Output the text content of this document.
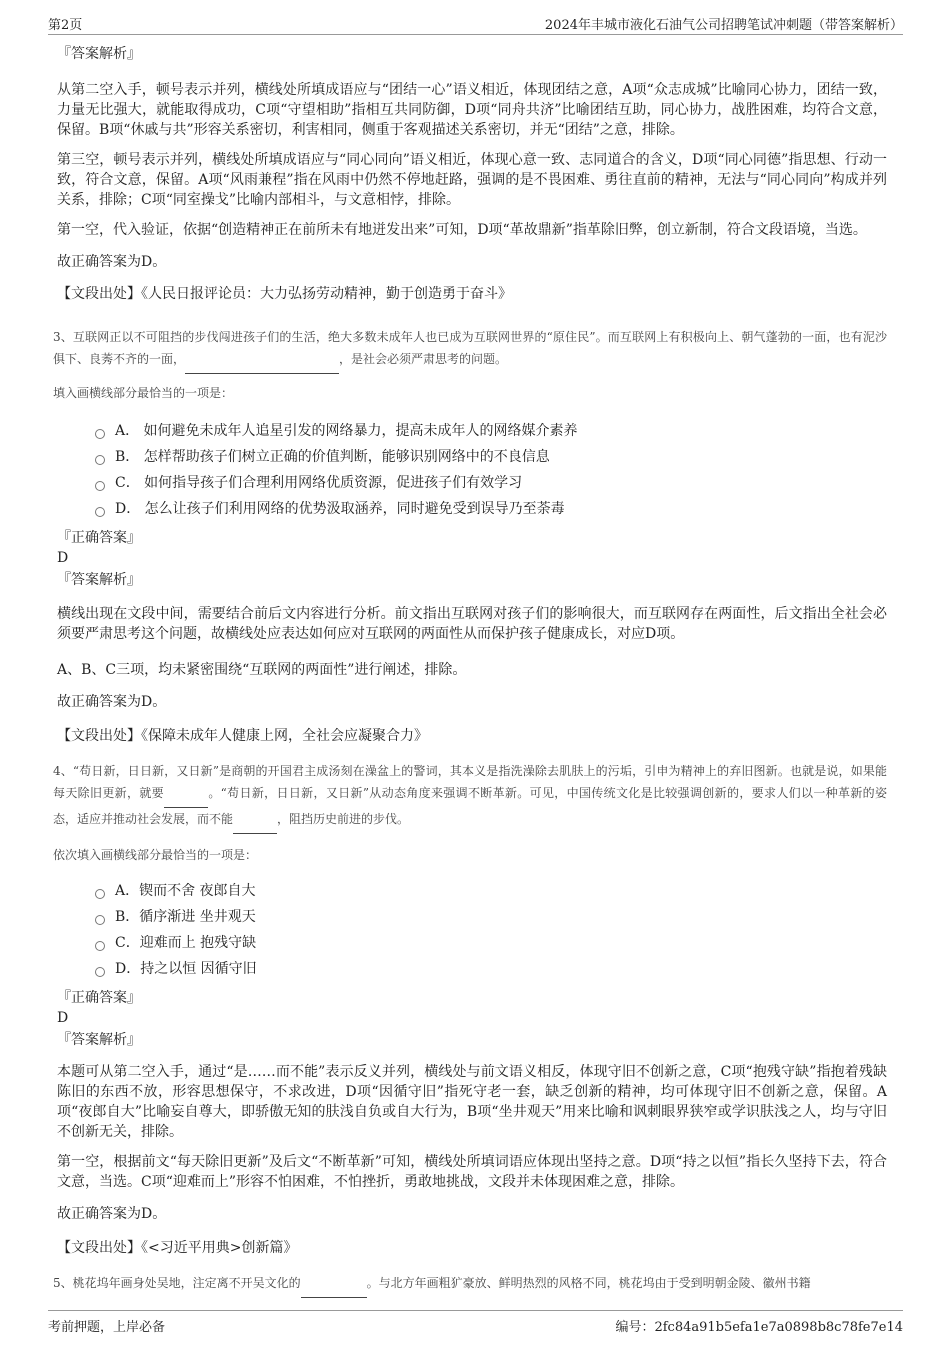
第2页	2024年丰城市液化石油气公司招聘笔试冲刺题（带答案解析）

『答案解析』

从第二空入手，顿号表示并列，横线处所填成语应与“团结一心”语义相近，体现团结之意，A项“众志成城”比喻同心协力，团结一致，力量无比强大，就能取得成功，C项“守望相助”指相互共同防御，D项“同舟共济”比喻团结互助，同心协力，战胜困难，均符合文意，保留。B项“休戚与共”形容关系密切，利害相同，侧重于客观描述关系密切，并无“团结”之意，排除。

第三空，顿号表示并列，横线处所填成语应与“同心同向”语义相近，体现心意一致、志同道合的含义，D项“同心同德”指思想、行动一致，符合文意，保留。A项“风雨兼程”指在风雨中仍然不停地赶路，强调的是不畏困难、勇往直前的精神，无法与“同心同向”构成并列关系，排除；C项“同室操戈”比喻内部相斗，与文意相悖，排除。

第一空，代入验证，依据“创造精神正在前所未有地迸发出来”可知，D项“革故鼎新”指革除旧弊，创立新制，符合文段语境，当选。

故正确答案为D。

【文段出处】《人民日报评论员：大力弘扬劳动精神，勤于创造勇于奋斗》

3、互联网正以不可阻挡的步伐闯进孩子们的生活，绝大多数未成年人也已成为互联网世界的“原住民”。而互联网上有积极向上、朝气蓬勃的一面，也有泥沙俱下、良莠不齐的一面，	，是社会必须严肃思考的问题。

填入画横线部分最恰当的一项是：

A． 如何避免未成年人追星引发的网络暴力，提高未成年人的网络媒介素养
B． 怎样帮助孩子们树立正确的价值判断，能够识别网络中的不良信息
C． 如何指导孩子们合理利用网络优质资源，促进孩子们有效学习
D． 怎么让孩子们利用网络的优势汲取涵养，同时避免受到误导乃至荼毒

『正确答案』

D

『答案解析』

横线出现在文段中间，需要结合前后文内容进行分析。前文指出互联网对孩子们的影响很大，而互联网存在两面性，后文指出全社会必须要严肃思考这个问题，故横线处应表达如何应对互联网的两面性从而保护孩子健康成长，对应D项。

A、B、C三项，均未紧密围绕“互联网的两面性”进行阐述，排除。

故正确答案为D。

【文段出处】《保障未成年人健康上网，全社会应凝聚合力》

4、“苟日新，日日新，又日新”是商朝的开国君主成汤刻在澡盆上的警词，其本义是指洗澡除去肌肤上的污垢，引申为精神上的弃旧图新。也就是说，如果能每天除旧更新，就要	。“苟日新，日日新，又日新”从动态角度来强调不断革新。可见，中国传统文化是比较强调创新的，要求人们以一种革新的姿态，适应并推动社会发展，而不能	，阻挡历史前进的步伐。

依次填入画横线部分最恰当的一项是：

A．锲而不舍 夜郎自大
B．循序渐进 坐井观天
C．迎难而上 抱残守缺
D．持之以恒 因循守旧

『正确答案』

D

『答案解析』

本题可从第二空入手，通过“是……而不能”表示反义并列，横线处与前文语义相反，体现守旧不创新之意，C项“抱残守缺”指抱着残缺陈旧的东西不放，形容思想保守，不求改进，D项“因循守旧”指死守老一套，缺乏创新的精神，均可体现守旧不创新之意，保留。A项“夜郎自大”比喻妄自尊大，即骄傲无知的肤浅自负或自大行为，B项“坐井观天”用来比喻和讽刺眼界狭窄或学识肤浅之人，均与守旧不创新无关，排除。

第一空，根据前文“每天除旧更新”及后文“不断革新”可知，横线处所填词语应体现出坚持之意。D项“持之以恒”指长久坚持下去，符合文意，当选。C项“迎难而上”形容不怕困难，不怕挫折，勇敢地挑战，文段并未体现困难之意，排除。

故正确答案为D。

【文段出处】《<习近平用典>创新篇》

5、桃花坞年画身处吴地，注定离不开吴文化的	。与北方年画粗犷豪放、鲜明热烈的风格不同，桃花坞由于受到明朝金陵、徽州书籍

考前押题，上岸必备	编号：2fc84a91b5efa1e7a0898b8c78fe7e14
